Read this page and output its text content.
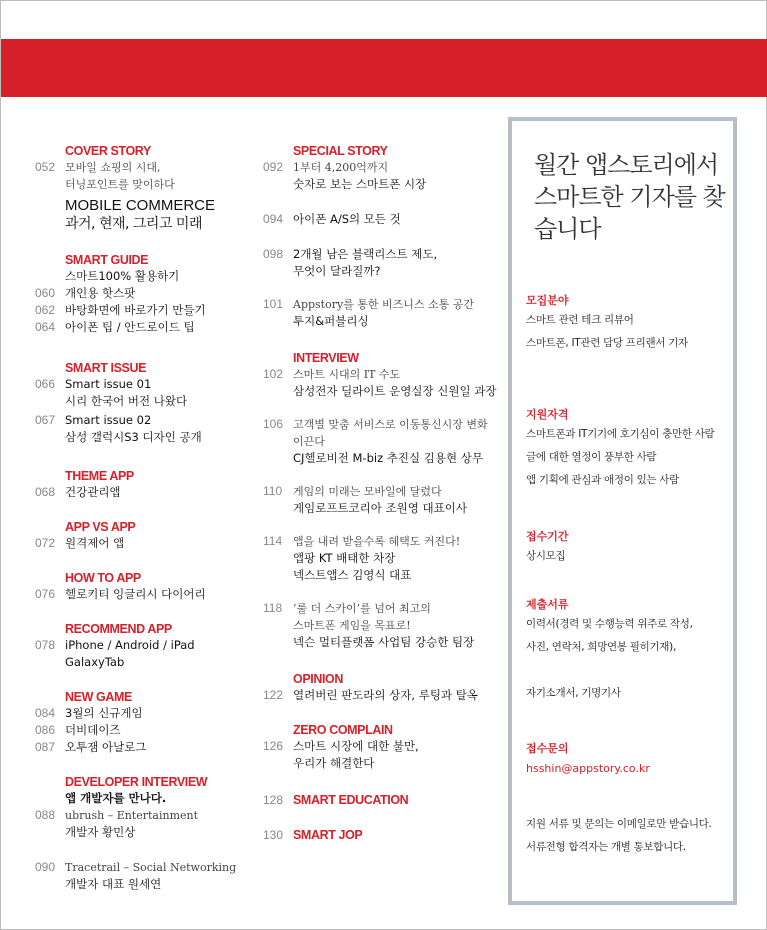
COVER STORY
052 모바일 쇼핑의 시대,
터닝포인트를 맞이하다
MOBILE COMMERCE
과거, 현재, 그리고 미래
SMART GUIDE
스마트100% 활용하기
060 개인용 핫스팟
062 바탕화면에 바로가기 만들기
064 아이폰 팁 / 안드로이드 팁
SMART ISSUE
066 Smart issue 01
시리 한국어 버전 나왔다
067 Smart issue 02
삼성 갤럭시S3 디자인 공개
THEME APP
068 건강관리앱
APP VS APP
072 원격제어 앱
HOW TO APP
076 헬로키티 잉글리시 다이어리
RECOMMEND APP
078 iPhone / Android / iPad
GalaxyTab
NEW GAME
084 3월의 신규게임
086 더비데이즈
087 오투잼 아날로그
DEVELOPER INTERVIEW
앱 개발자를 만나다.
088 ubrush – Entertainment
개발자 황민상
090 Tracetrail – Social Networking
개발자 대표 원세연
SPECIAL STORY
092 1부터 4,200억까지
숫자로 보는 스마트폰 시장
094 아이폰 A/S의 모든 것
098 2개월 남은 블랙리스트 제도,
무엇이 달라질까?
101 Appstory를 통한 비즈니스 소통 공간
투지&퍼블리싱
INTERVIEW
102 스마트 시대의 IT 수도
삼성전자 딜라이트 운영실장 신원일 과장
106 고객별 맞춤 서비스로 이동통신시장 변화
이끈다
CJ헬로비전 M-biz 추진실 김용현 상무
110 게임의 미래는 모바일에 달렸다
게임로프트코리아 조원영 대표이사
114 앱을 내려 받을수록 혜택도 커진다!
앱팡 KT 배태한 차장
넥스트앱스 김영식 대표
118 ‘룰 더 스카이’를 넘어 최고의
스마트폰 게임을 목표로!
넥슨 멀티플랫폼 사업팀 강승한 팀장
OPINION
122 열려버린 판도라의 상자, 루팅과 탈옥
ZERO COMPLAIN
126 스마트 시장에 대한 불만,
우리가 해결한다
128 SMART EDUCATION
130 SMART JOP
월간 앱스토리에서 스마트한 기자를 찾습니다
모집분야
스마트 관련 테크 리뷰어
스마트폰, IT관련 담당 프리랜서 기자
지원자격
스마트폰과 IT기기에 호기심이 충만한 사람
글에 대한 열정이 풍부한 사람
앱 기획에 관심과 애정이 있는 사람
접수기간
상시모집
제출서류
이력서(경력 및 수행능력 위주로 작성,
사진, 연락처, 희망연봉 필히기재),

자기소개서, 기명기사
접수문의
hsshin@appstory.co.kr
지원 서류 및 문의는 이메일로만 받습니다.
서류전형 합격자는 개별 통보합니다.
